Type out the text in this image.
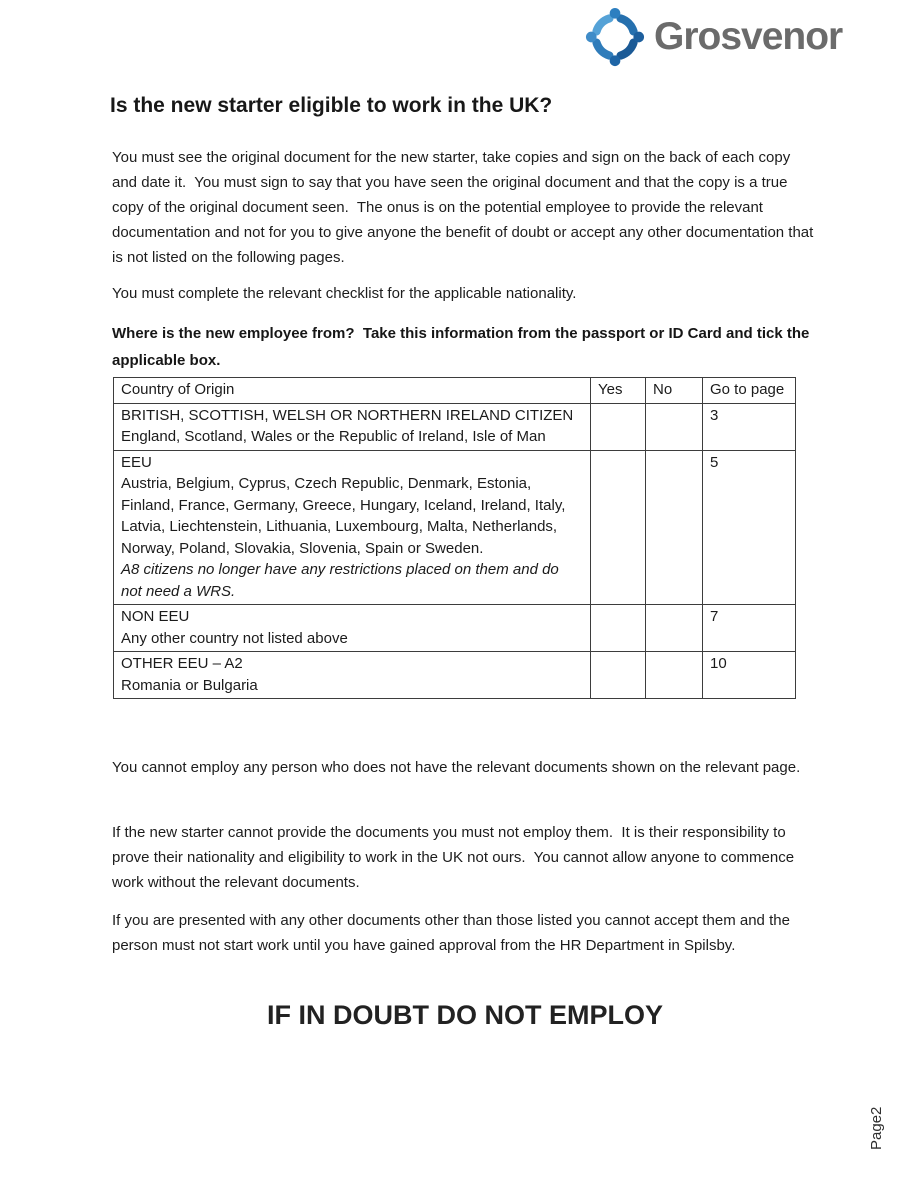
Grosvenor
Is the new starter eligible to work in the UK?

You must see the original document for the new starter, take copies and sign on the back of each copy and date it.  You must sign to say that you have seen the original document and that the copy is a true copy of the original document seen.  The onus is on the potential employee to provide the relevant documentation and not for you to give anyone the benefit of doubt or accept any other documentation that is not listed on the following pages.

You must complete the relevant checklist for the applicable nationality.

Where is the new employee from?  Take this information from the passport or ID Card and tick the applicable box.

Country of Origin	Yes	No	Go to page

BRITISH, SCOTTISH, WELSH OR NORTHERN IRELAND CITIZEN
England, Scotland, Wales or the Republic of Ireland, Isle of Man			3

EEU
Austria, Belgium, Cyprus, Czech Republic, Denmark, Estonia, Finland, France, Germany, Greece, Hungary, Iceland, Ireland, Italy, Latvia, Liechtenstein, Lithuania, Luxembourg, Malta, Netherlands, Norway, Poland, Slovakia, Slovenia, Spain or Sweden.
A8 citizens no longer have any restrictions placed on them and do not need a WRS.			5

NON EEU
Any other country not listed above			7

OTHER EEU – A2
Romania or Bulgaria			10

You cannot employ any person who does not have the relevant documents shown on the relevant page.

If the new starter cannot provide the documents you must not employ them.  It is their responsibility to prove their nationality and eligibility to work in the UK not ours.  You cannot allow anyone to commence work without the relevant documents.

If you are presented with any other documents other than those listed you cannot accept them and the person must not start work until you have gained approval from the HR Department in Spilsby.

IF IN DOUBT DO NOT EMPLOY
Page2
